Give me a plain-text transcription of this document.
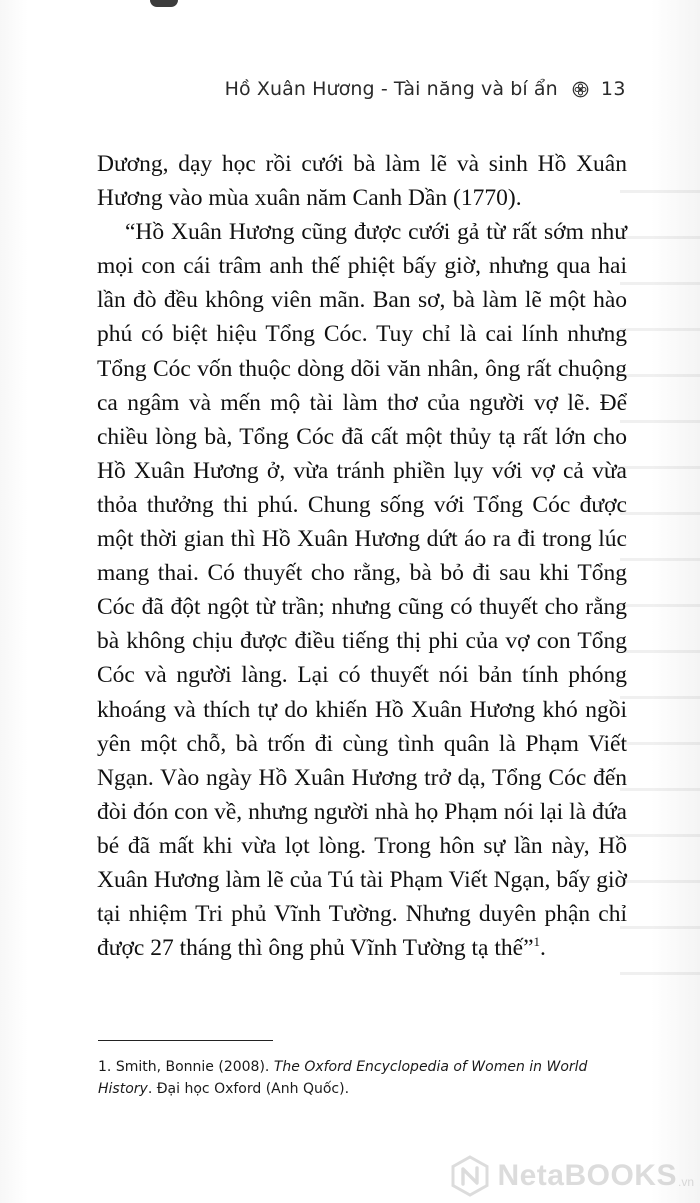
Hồ Xuân Hương - Tài năng và bí ẩn 13

Dương, dạy học rồi cưới bà làm lẽ và sinh Hồ Xuân Hương vào mùa xuân năm Canh Dần (1770).

“Hồ Xuân Hương cũng được cưới gả từ rất sớm như mọi con cái trâm anh thế phiệt bấy giờ, nhưng qua hai lần đò đều không viên mãn. Ban sơ, bà làm lẽ một hào phú có biệt hiệu Tổng Cóc. Tuy chỉ là cai lính nhưng Tổng Cóc vốn thuộc dòng dõi văn nhân, ông rất chuộng ca ngâm và mến mộ tài làm thơ của người vợ lẽ. Để chiều lòng bà, Tổng Cóc đã cất một thủy tạ rất lớn cho Hồ Xuân Hương ở, vừa tránh phiền lụy với vợ cả vừa thỏa thưởng thi phú. Chung sống với Tổng Cóc được một thời gian thì Hồ Xuân Hương dứt áo ra đi trong lúc mang thai. Có thuyết cho rằng, bà bỏ đi sau khi Tổng Cóc đã đột ngột từ trần; nhưng cũng có thuyết cho rằng bà không chịu được điều tiếng thị phi của vợ con Tổng Cóc và người làng. Lại có thuyết nói bản tính phóng khoáng và thích tự do khiến Hồ Xuân Hương khó ngồi yên một chỗ, bà trốn đi cùng tình quân là Phạm Viết Ngạn. Vào ngày Hồ Xuân Hương trở dạ, Tổng Cóc đến đòi đón con về, nhưng người nhà họ Phạm nói lại là đứa bé đã mất khi vừa lọt lòng. Trong hôn sự lần này, Hồ Xuân Hương làm lẽ của Tú tài Phạm Viết Ngạn, bấy giờ tại nhiệm Tri phủ Vĩnh Tường. Nhưng duyên phận chỉ được 27 tháng thì ông phủ Vĩnh Tường tạ thế”$^1$.

1. Smith, Bonnie (2008). The Oxford Encyclopedia of Women in World History. Đại học Oxford (Anh Quốc).
NetaBOOKS .vn
